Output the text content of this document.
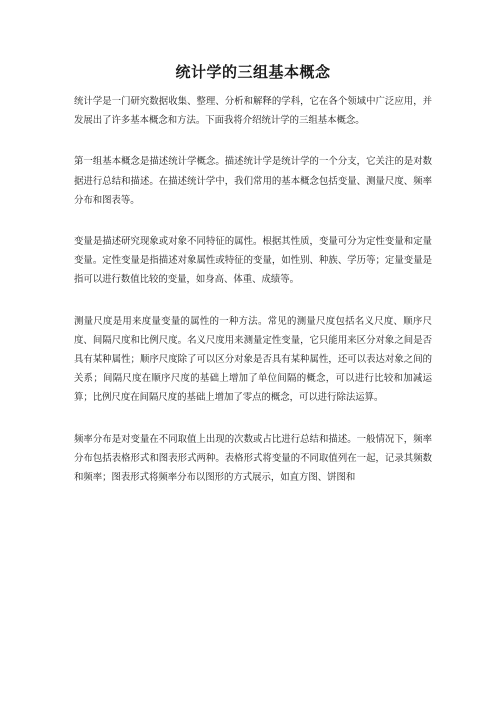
统计学的三组基本概念

统计学是一门研究数据收集、整理、分析和解释的学科，它在各个领域中广泛应用，并发展出了许多基本概念和方法。下面我将介绍统计学的三组基本概念。

第一组基本概念是描述统计学概念。描述统计学是统计学的一个分支，它关注的是对数据进行总结和描述。在描述统计学中，我们常用的基本概念包括变量、测量尺度、频率分布和图表等。

变量是描述研究现象或对象不同特征的属性。根据其性质，变量可分为定性变量和定量变量。定性变量是指描述对象属性或特征的变量，如性别、种族、学历等；定量变量是指可以进行数值比较的变量，如身高、体重、成绩等。

测量尺度是用来度量变量的属性的一种方法。常见的测量尺度包括名义尺度、顺序尺度、间隔尺度和比例尺度。名义尺度用来测量定性变量，它只能用来区分对象之间是否具有某种属性；顺序尺度除了可以区分对象是否具有某种属性，还可以表达对象之间的关系；间隔尺度在顺序尺度的基础上增加了单位间隔的概念，可以进行比较和加减运算；比例尺度在间隔尺度的基础上增加了零点的概念，可以进行除法运算。

频率分布是对变量在不同取值上出现的次数或占比进行总结和描述。一般情况下，频率分布包括表格形式和图表形式两种。表格形式将变量的不同取值列在一起，记录其频数和频率；图表形式将频率分布以图形的方式展示，如直方图、饼图和
